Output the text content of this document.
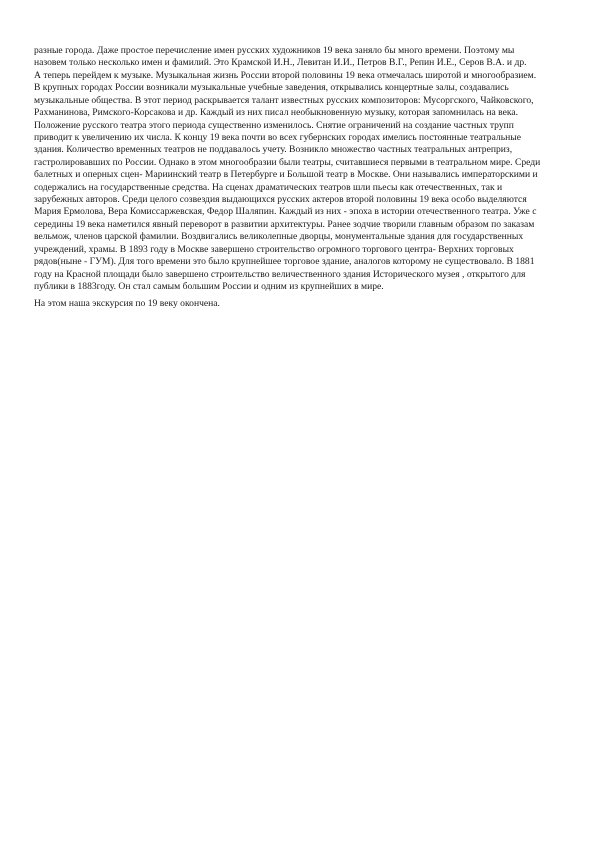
разные города. Даже простое перечисление имен русских художников 19 века заняло бы много времени. Поэтому мы
назовем только несколько имен и фамилий. Это Крамской И.Н., Левитан И.И., Петров В.Г., Репин И.Е., Серов В.А. и др.
А теперь перейдем к музыке. Музыкальная жизнь России второй половины 19 века отмечалась широтой и многообразием.
В крупных городах России возникали музыкальные учебные заведения, открывались концертные залы, создавались
музыкальные общества. В этот период раскрывается талант известных русских композиторов: Мусоргского, Чайковского,
Рахманинова, Римского-Корсакова и др. Каждый из них писал необыкновенную музыку, которая запомнилась на века.
Положение русского театра этого периода существенно изменилось. Снятие ограничений на создание частных трупп
приводит к увеличению их числа. К концу 19 века почти во всех губернских городах имелись постоянные театральные
здания. Количество временных театров не поддавалось учету. Возникло множество частных театральных антреприз,
гастролировавших по России. Однако в этом многообразии были театры, считавшиеся первыми в театральном мире. Среди
балетных и оперных сцен- Мариинский театр в Петербурге и Большой театр в Москве. Они назывались императорскими и
содержались на государственные средства. На сценах драматических театров шли пьесы как отечественных, так и
зарубежных авторов. Среди целого созвездия выдающихся русских актеров второй половины 19 века особо выделяются
Мария Ермолова, Вера Комиссаржевская, Федор Шаляпин. Каждый из них - эпоха в истории отечественного театра. Уже с
середины 19 века наметился явный переворот в развитии архитектуры. Ранее зодчие творили главным образом по заказам
вельмож, членов царской фамилии. Воздвигались великолепные дворцы, монументальные здания для государственных
учреждений, храмы. В 1893 году в Москве завершено строительство огромного торгового центра- Верхних торговых
рядов(ныне - ГУМ). Для того времени это было крупнейшее торговое здание, аналогов которому не существовало. В 1881
году на Красной площади было завершено строительство величественного здания Исторического музея , открытого для
публики в 1883году. Он стал самым большим России и одним из крупнейших в мире.
На этом наша экскурсия по 19 веку окончена.
